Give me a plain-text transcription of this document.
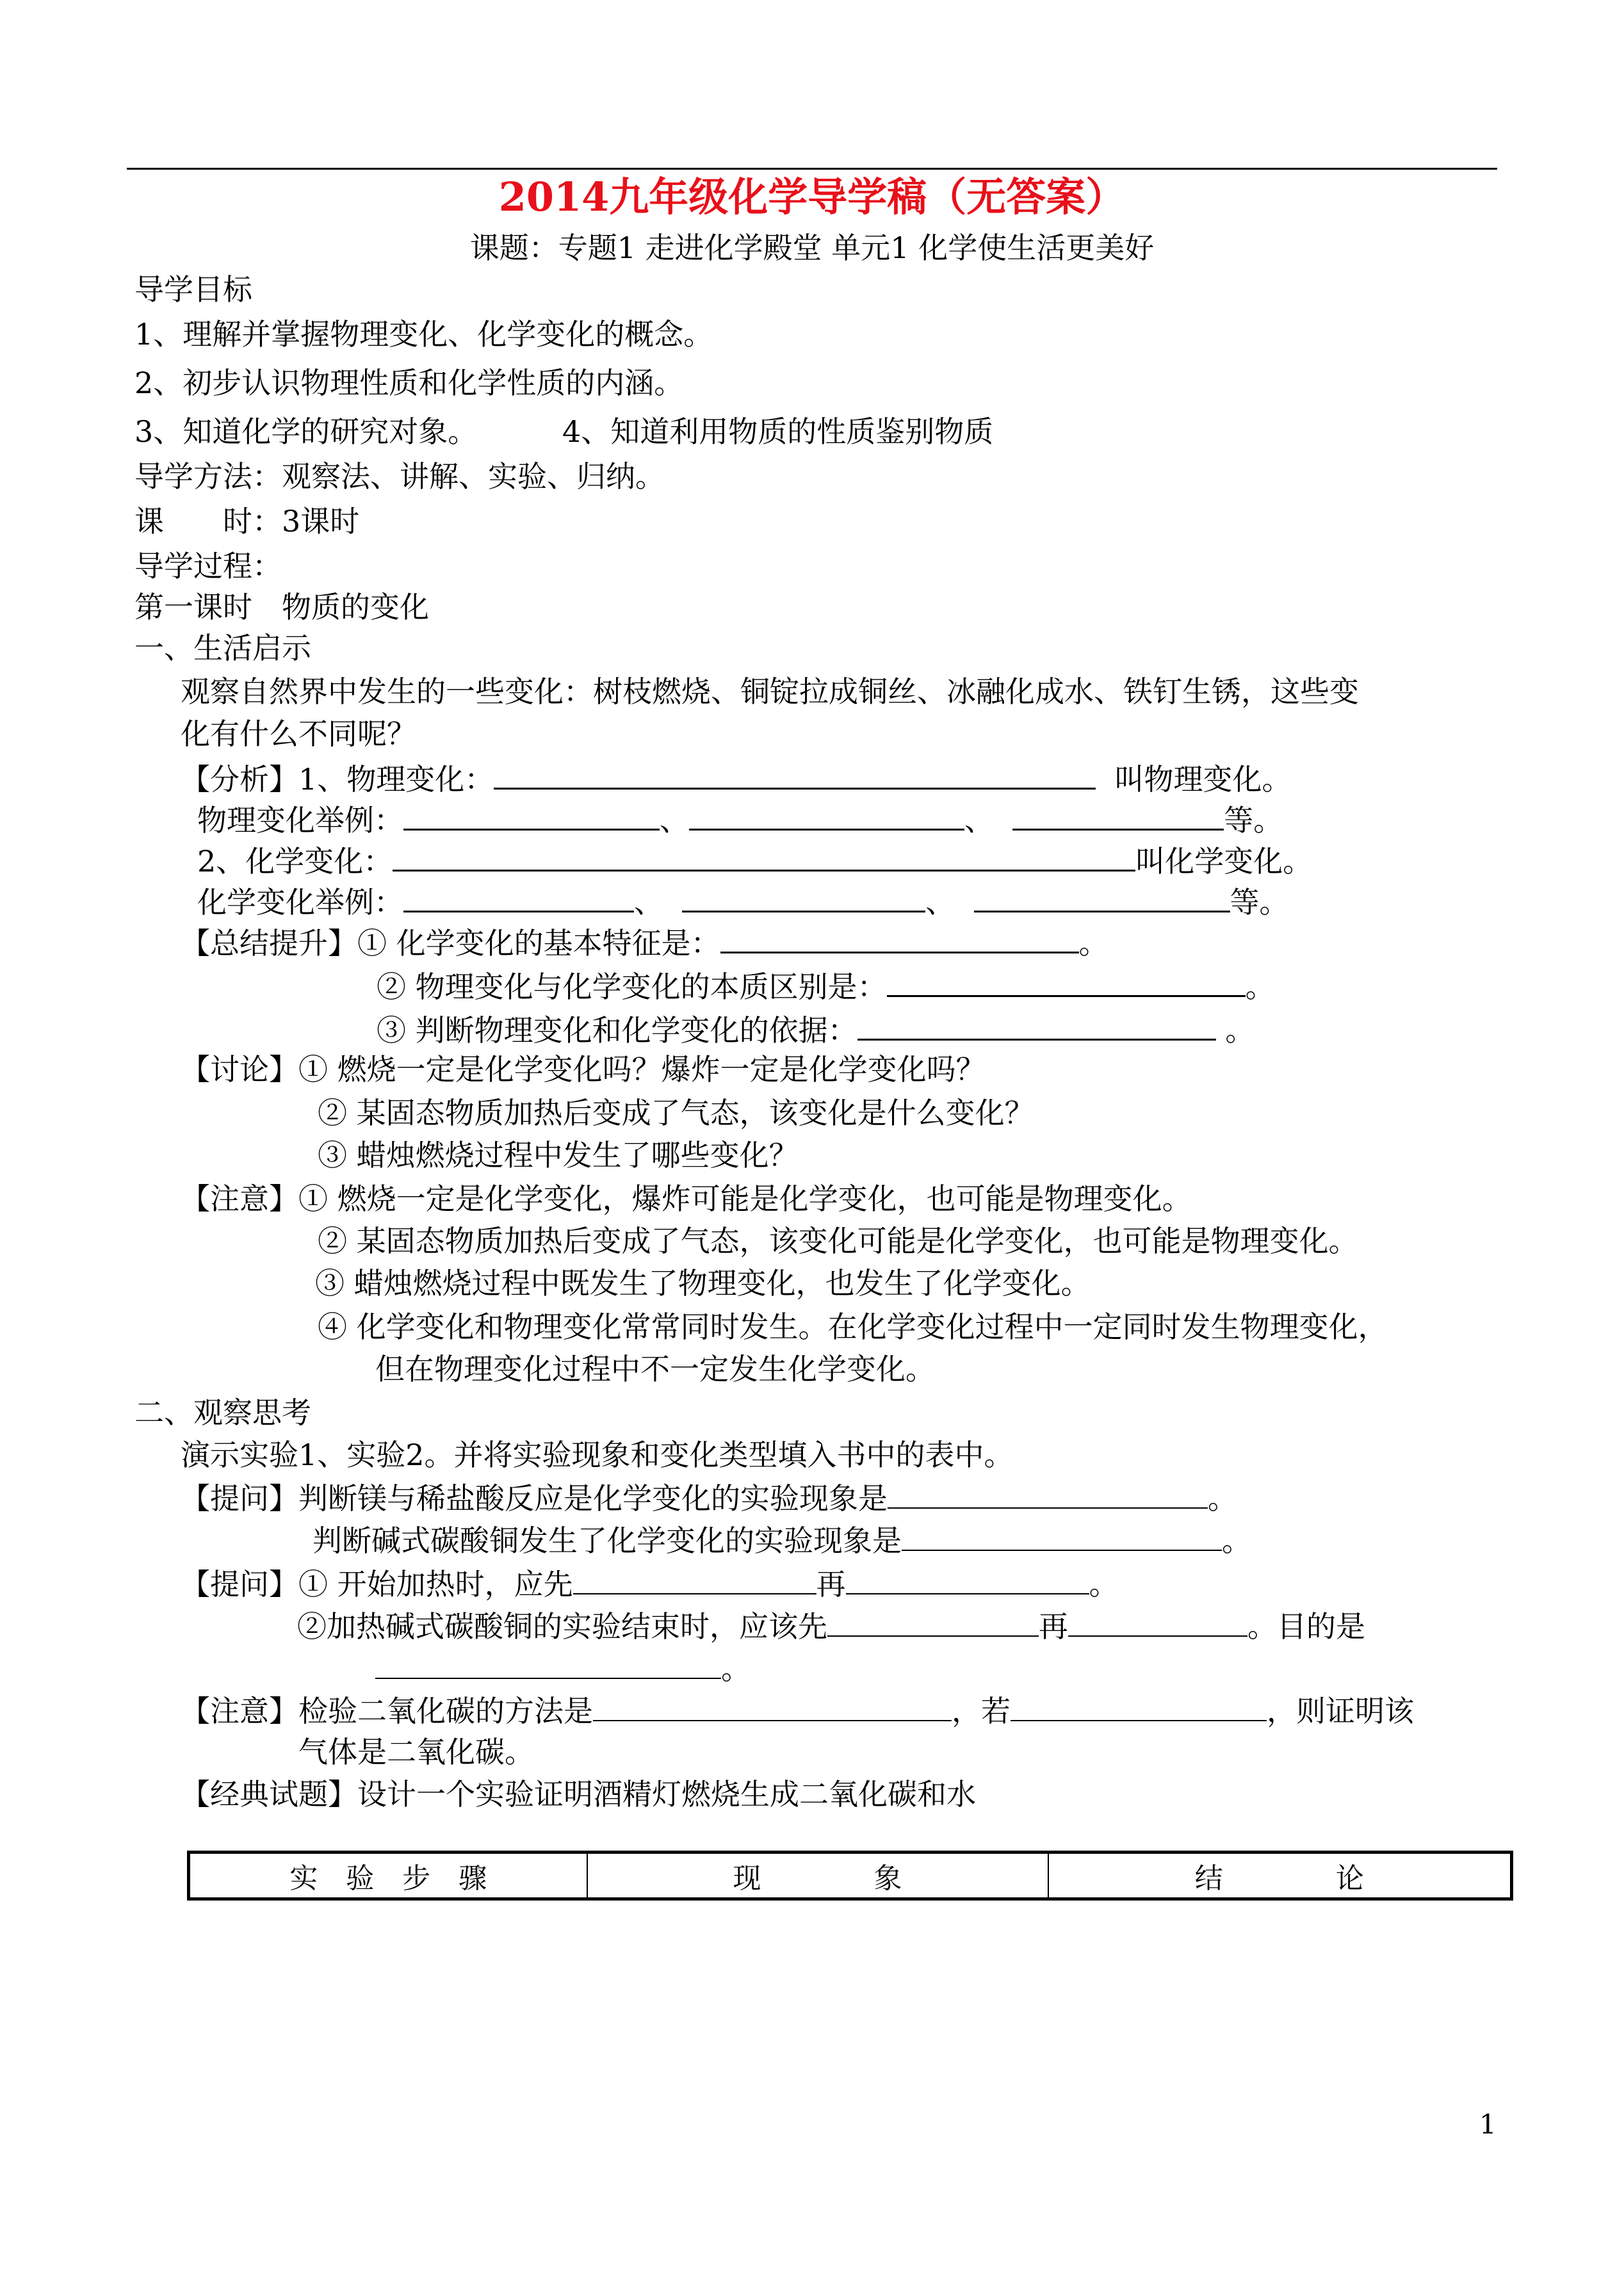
2014九年级化学导学稿（无答案）
课题：专题1 走进化学殿堂 单元1 化学使生活更美好
导学目标
1、理解并掌握物理变化、化学变化的概念。
2、初步认识物理性质和化学性质的内涵。
3、知道化学的研究对象。	4、知道利用物质的性质鉴别物质
导学方法：观察法、讲解、实验、归纳。
课　　时：3课时
导学过程：
第一课时　物质的变化
一、生活启示
观察自然界中发生的一些变化：树枝燃烧、铜锭拉成铜丝、冰融化成水、铁钉生锈，这些变
化有什么不同呢？
【分析】1、物理变化：	叫物理变化。
物理变化举例：	、	、	等。
2、化学变化：	叫化学变化。
化学变化举例：	、	、	等。
【总结提升】① 化学变化的基本特征是：	。
② 物理变化与化学变化的本质区别是：	。
③ 判断物理变化和化学变化的依据：	。
【讨论】① 燃烧一定是化学变化吗？爆炸一定是化学变化吗？
② 某固态物质加热后变成了气态，该变化是什么变化？
③ 蜡烛燃烧过程中发生了哪些变化？
【注意】① 燃烧一定是化学变化，爆炸可能是化学变化，也可能是物理变化。
② 某固态物质加热后变成了气态，该变化可能是化学变化，也可能是物理变化。
③ 蜡烛燃烧过程中既发生了物理变化，也发生了化学变化。
④ 化学变化和物理变化常常同时发生。在化学变化过程中一定同时发生物理变化，
但在物理变化过程中不一定发生化学变化。
二、观察思考
演示实验1、实验2。并将实验现象和变化类型填入书中的表中。
【提问】判断镁与稀盐酸反应是化学变化的实验现象是	。
判断碱式碳酸铜发生了化学变化的实验现象是	。
【提问】① 开始加热时，应先	再	。
②加热碱式碳酸铜的实验结束时，应该先	再	。目的是
。
【注意】检验二氧化碳的方法是	，若	，则证明该
气体是二氧化碳。
【经典试题】设计一个实验证明酒精灯燃烧生成二氧化碳和水
实　验　步　骤	现　　　　象	结　　　　论
1
